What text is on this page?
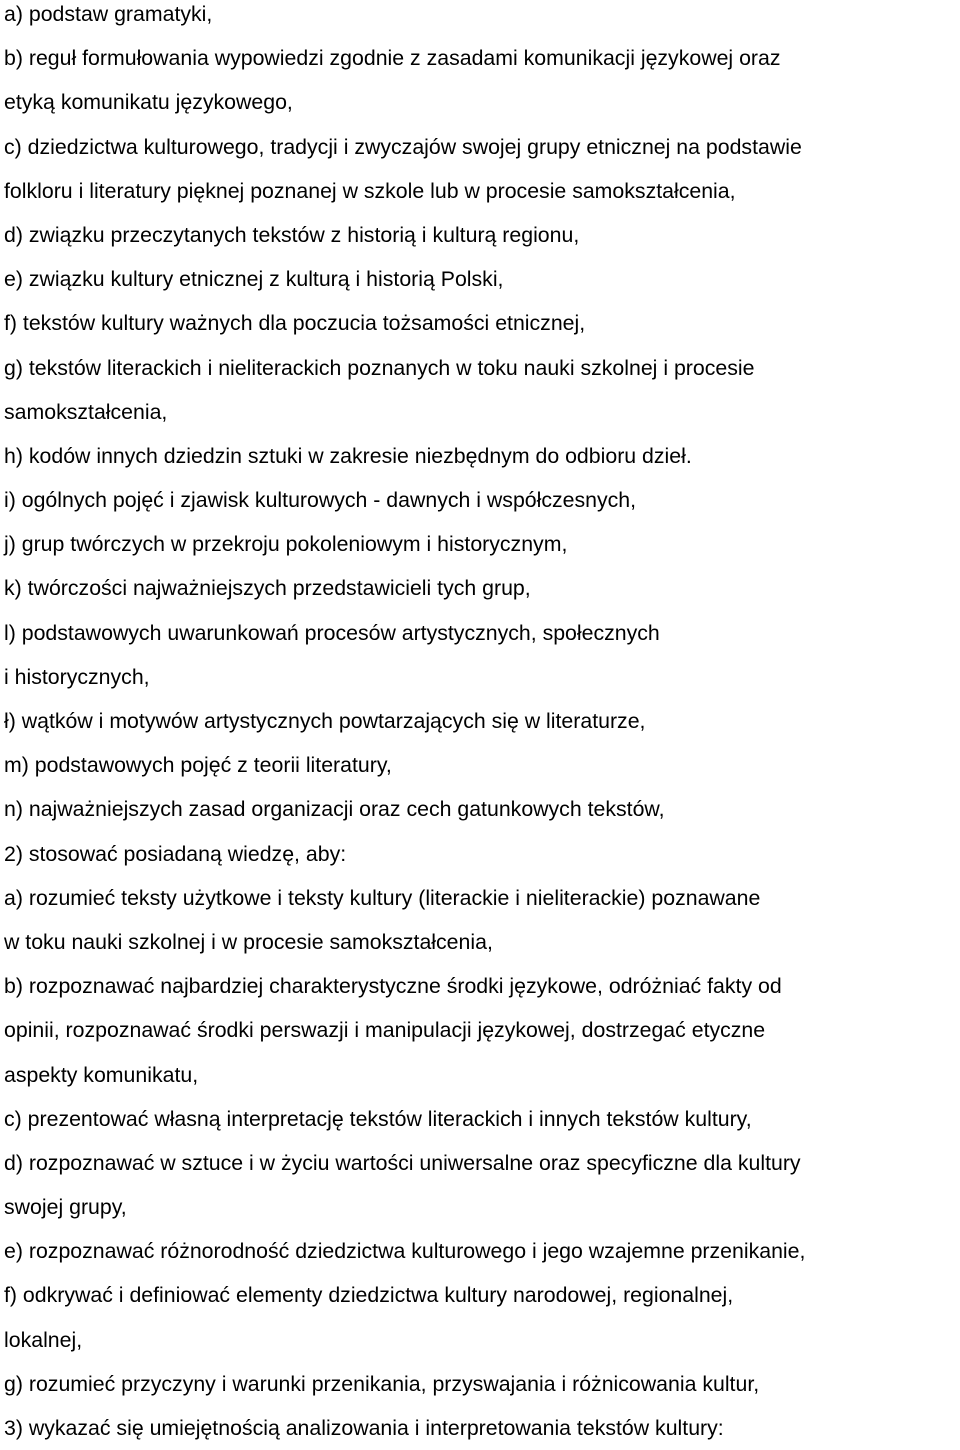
a) podstaw gramatyki,

b) reguł formułowania wypowiedzi zgodnie z zasadami komunikacji językowej oraz

etyką komunikatu językowego,

c) dziedzictwa kulturowego, tradycji i zwyczajów swojej grupy etnicznej na podstawie

folkloru i literatury pięknej poznanej w szkole lub w procesie samokształcenia,

d) związku przeczytanych tekstów z historią i kulturą regionu,

e) związku kultury etnicznej z kulturą i historią Polski,

f) tekstów kultury ważnych dla poczucia tożsamości etnicznej,

g) tekstów literackich i nieliterackich poznanych w toku nauki szkolnej i procesie

samokształcenia,

h) kodów innych dziedzin sztuki w zakresie niezbędnym do odbioru dzieł.

i) ogólnych pojęć i zjawisk kulturowych - dawnych i współczesnych,

j) grup twórczych w przekroju pokoleniowym i historycznym,

k) twórczości najważniejszych przedstawicieli tych grup,

l) podstawowych uwarunkowań procesów artystycznych, społecznych

i historycznych,

ł) wątków i motywów artystycznych powtarzających się w literaturze,

m) podstawowych pojęć z teorii literatury,

n) najważniejszych zasad organizacji oraz cech gatunkowych tekstów,

2) stosować posiadaną wiedzę, aby:

a) rozumieć teksty użytkowe i teksty kultury (literackie i nieliterackie) poznawane

w toku nauki szkolnej i w procesie samokształcenia,

b) rozpoznawać najbardziej charakterystyczne środki językowe, odróżniać fakty od

opinii, rozpoznawać środki perswazji i manipulacji językowej, dostrzegać etyczne

aspekty komunikatu,

c) prezentować własną interpretację tekstów literackich i innych tekstów kultury,

d) rozpoznawać w sztuce i w życiu wartości uniwersalne oraz specyficzne dla kultury

swojej grupy,

e) rozpoznawać różnorodność dziedzictwa kulturowego i jego wzajemne przenikanie,

f) odkrywać i definiować elementy dziedzictwa kultury narodowej, regionalnej,

lokalnej,

g) rozumieć przyczyny i warunki przenikania, przyswajania i różnicowania kultur,

3) wykazać się umiejętnością analizowania i interpretowania tekstów kultury:
